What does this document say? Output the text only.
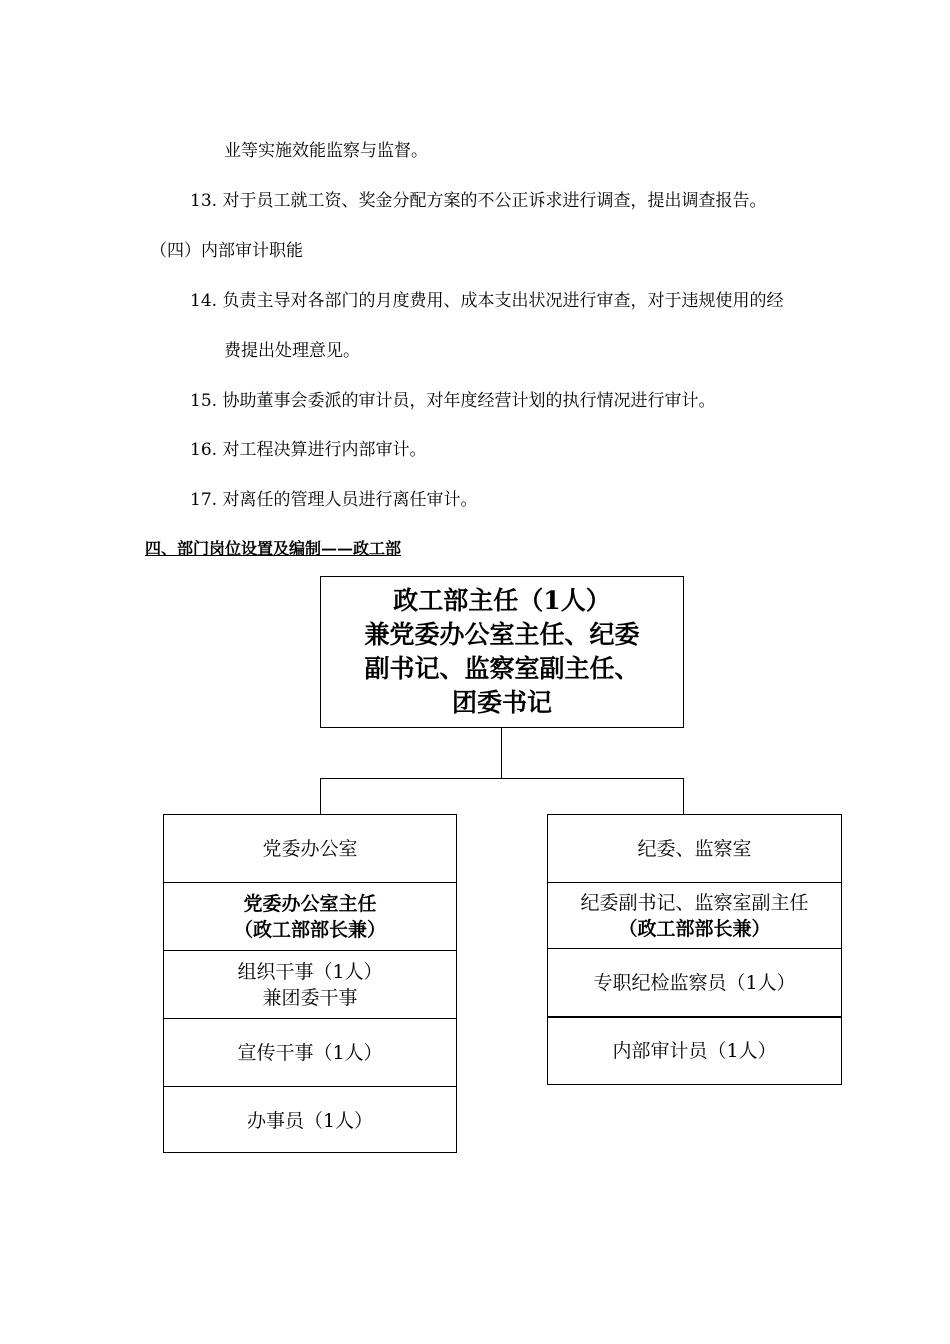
业等实施效能监察与监督。
13. 对于员工就工资、奖金分配方案的不公正诉求进行调查，提出调查报告。
（四）内部审计职能
14. 负责主导对各部门的月度费用、成本支出状况进行审查，对于违规使用的经
费提出处理意见。
15. 协助董事会委派的审计员，对年度经营计划的执行情况进行审计。
16. 对工程决算进行内部审计。
17. 对离任的管理人员进行离任审计。
四、部门岗位设置及编制——政工部
政工部主任（1人）
兼党委办公室主任、纪委
副书记、监察室副主任、
团委书记
党委办公室
党委办公室主任
（政工部部长兼）
组织干事（1人）
兼团委干事
宣传干事（1人）
办事员（1人）
纪委、监察室
纪委副书记、监察室副主任
（政工部部长兼）
专职纪检监察员（1人）
内部审计员（1人）
